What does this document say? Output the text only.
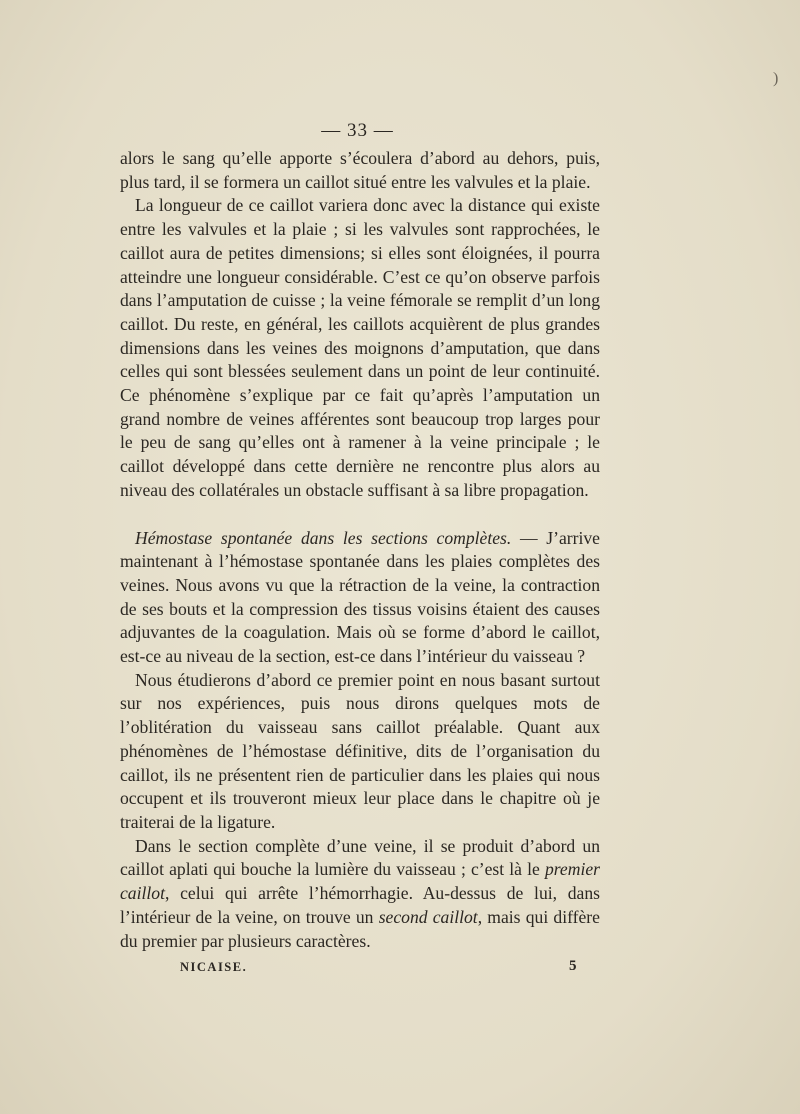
)
— 33 —

alors le sang qu’elle apporte s’écoulera d’abord au dehors, puis, plus tard, il se formera un caillot situé entre les valvules et la plaie.

La longueur de ce caillot variera donc avec la distance qui existe entre les valvules et la plaie ; si les valvules sont rapprochées, le caillot aura de petites dimensions; si elles sont éloignées, il pourra atteindre une longueur considérable. C’est ce qu’on observe parfois dans l’amputation de cuisse ; la veine fémorale se remplit d’un long caillot. Du reste, en général, les caillots acquièrent de plus grandes dimensions dans les veines des moignons d’amputation, que dans celles qui sont blessées seulement dans un point de leur continuité. Ce phénomène s’explique par ce fait qu’après l’amputation un grand nombre de veines afférentes sont beaucoup trop larges pour le peu de sang qu’elles ont à ramener à la veine principale ; le caillot développé dans cette dernière ne rencontre plus alors au niveau des collatérales un obstacle suffisant à sa libre propagation.

Hémostase spontanée dans les sections complètes. — J’arrive maintenant à l’hémostase spontanée dans les plaies complètes des veines. Nous avons vu que la rétraction de la veine, la contraction de ses bouts et la compression des tissus voisins étaient des causes adjuvantes de la coagulation. Mais où se forme d’abord le caillot, est-ce au niveau de la section, est-ce dans l’intérieur du vaisseau ?

Nous étudierons d’abord ce premier point en nous basant surtout sur nos expériences, puis nous dirons quelques mots de l’oblitération du vaisseau sans caillot préalable. Quant aux phénomènes de l’hémostase définitive, dits de l’organisation du caillot, ils ne présentent rien de particulier dans les plaies qui nous occupent et ils trouveront mieux leur place dans le chapitre où je traiterai de la ligature.

Dans le section complète d’une veine, il se produit d’abord un caillot aplati qui bouche la lumière du vaisseau ; c’est là le premier caillot, celui qui arrête l’hémorrhagie. Au-dessus de lui, dans l’intérieur de la veine, on trouve un second caillot, mais qui diffère du premier par plusieurs caractères.

NICAISE.	5
